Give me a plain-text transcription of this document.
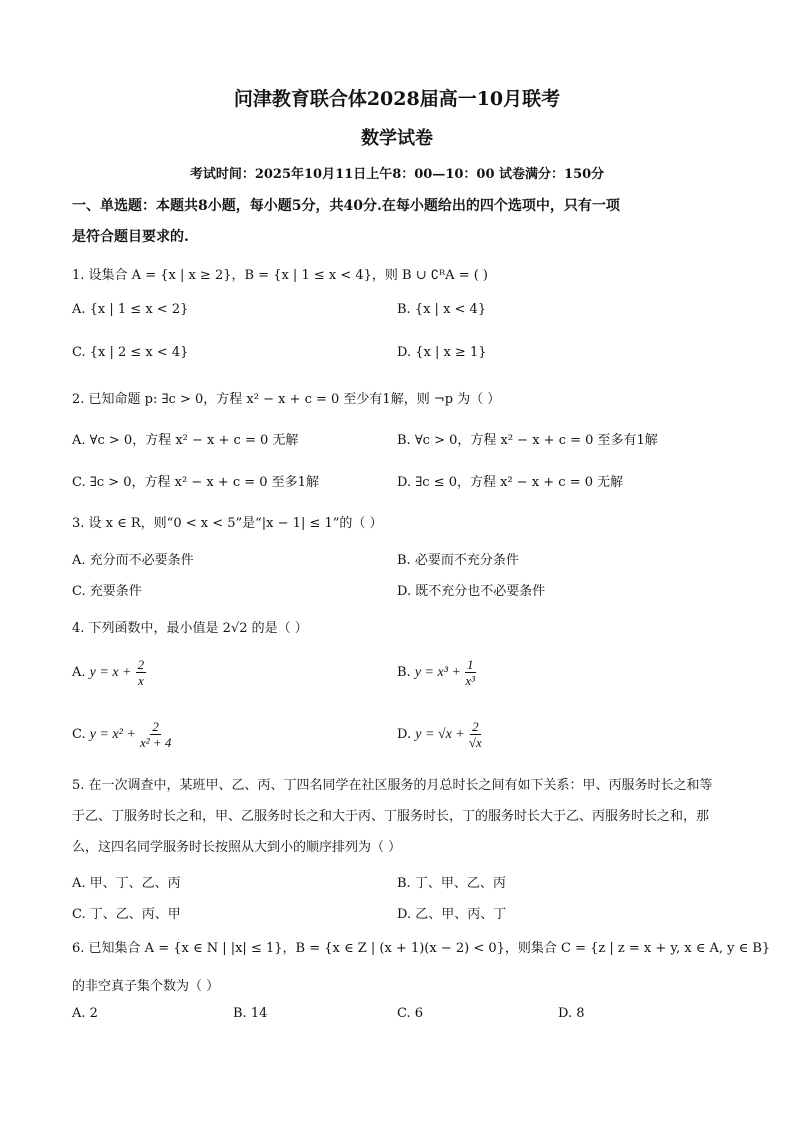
问津教育联合体2028届高一10月联考
数学试卷
考试时间：2025年10月11日上午8：00—10：00 试卷满分：150分
一、单选题：本题共8小题，每小题5分，共40分.在每小题给出的四个选项中，只有一项
是符合题目要求的.
1. 设集合 A = {x | x ≥ 2}，B = {x | 1 ≤ x < 4}，则 B ∪ ∁ᴿA = ( )
A. {x | 1 ≤ x < 2}	B. {x | x < 4}
C. {x | 2 ≤ x < 4}	D. {x | x ≥ 1}
2. 已知命题 p: ∃c > 0，方程 x² − x + c = 0 至少有1解，则 ¬p 为（ ）
A. ∀c > 0，方程 x² − x + c = 0 无解	B. ∀c > 0，方程 x² − x + c = 0 至多有1解
C. ∃c > 0，方程 x² − x + c = 0 至多1解	D. ∃c ≤ 0，方程 x² − x + c = 0 无解
3. 设 x ∈ R，则“0 < x < 5”是“|x − 1| ≤ 1”的（ ）
A. 充分而不必要条件	B. 必要而不充分条件
C. 充要条件	D. 既不充分也不必要条件
4. 下列函数中，最小值是 2√2 的是（ ）
A. $y = x + \frac{2}{x}$	B. $y = x^3 + \frac{1}{\text{x³}}$
C. $y = x^2 + \frac{2}{\text{x² + 4}}$	D. $y = √x + \frac{2}{√x}$
5. 在一次调查中，某班甲、乙、丙、丁四名同学在社区服务的月总时长之间有如下关系：甲、丙服务时长之和等于乙、丁服务时长之和，甲、乙服务时长之和大于丙、丁服务时长，丁的服务时长大于乙、丙服务时长之和，那么，这四名同学服务时长按照从大到小的顺序排列为（ ）
A. 甲、丁、乙、丙	B. 丁、甲、乙、丙
C. 丁、乙、丙、甲	D. 乙、甲、丙、丁
6. 已知集合 A = {x ∈ N | |x| ≤ 1}，B = {x ∈ Z | (x + 1)(x − 2) < 0}，则集合 C = {z | z = x + y, x ∈ A, y ∈ B}
的非空真子集个数为（ ）
A. 2	B. 14	C. 6	D. 8
